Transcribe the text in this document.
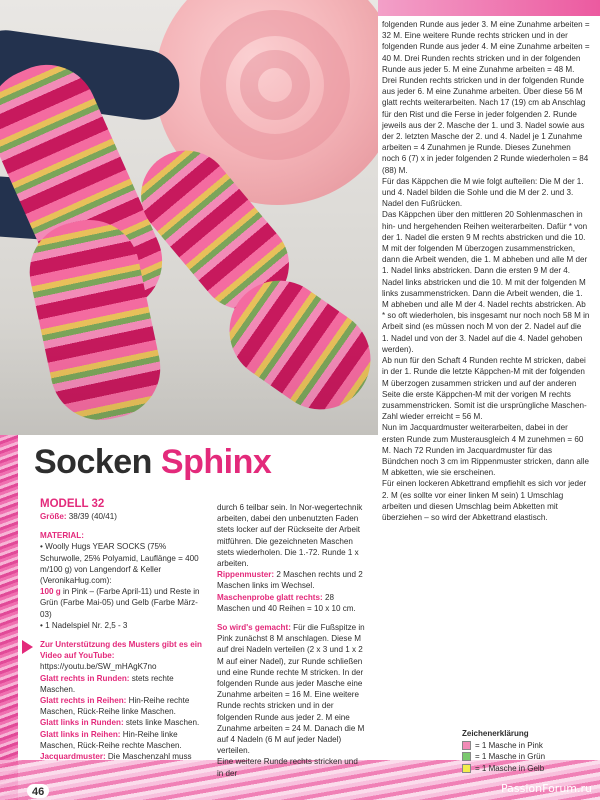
Socken Sphinx

MODELL 32

Größe: 38/39 (40/41)

MATERIAL:

• Woolly Hugs YEAR SOCKS (75% Schurwolle, 25% Polyamid, Lauflänge = 400 m/100 g) von Langendorf & Keller (VeronikaHug.com):

100 g in Pink – (Farbe April-11) und Reste in Grün (Farbe Mai-05) und Gelb (Farbe März-03)

• 1 Nadelspiel Nr. 2,5 - 3

Zur Unterstützung des Musters gibt es ein Video auf YouTube:

https://youtu.be/SW_mHAgK7no

Glatt rechts in Runden: stets rechte Maschen.

Glatt rechts in Reihen: Hin-Reihe rechte Maschen, Rück-Reihe linke Maschen.

Glatt links in Runden: stets linke Maschen.

Glatt links in Reihen: Hin-Reihe linke Maschen, Rück-Reihe rechte Maschen.

Jacquardmuster: Die Maschenzahl muss

durch 6 teilbar sein. In Nor-wegertechnik arbeiten, dabei den unbenutzten Faden stets locker auf der Rückseite der Arbeit mitführen. Die gezeichneten Maschen stets wiederholen. Die 1.-72. Runde 1 x arbeiten.

Rippenmuster: 2 Maschen rechts und 2 Maschen links im Wechsel.

Maschenprobe glatt rechts: 28 Maschen und 40 Reihen = 10 x 10 cm.

So wird's gemacht: Für die Fußspitze in Pink zunächst 8 M anschlagen. Diese M auf drei Nadeln verteilen (2 x 3 und 1 x 2 M auf einer Nadel), zur Runde schließen und eine Runde rechte M stricken. In der folgenden Runde aus jeder Masche eine Zunahme arbeiten = 16 M. Eine weitere Runde rechts stricken und in der folgenden Runde aus jeder 2. M eine Zunahme arbeiten = 24 M. Danach die M auf 4 Nadeln (6 M auf jeder Nadel) verteilen.

Eine weitere Runde rechts stricken und in der

folgenden Runde aus jeder 3. M eine Zunahme arbeiten = 32 M. Eine weitere Runde rechts stricken und in der folgenden Runde aus jeder 4. M eine Zunahme arbeiten = 40 M. Drei Runden rechts stricken und in der folgenden Runde aus jeder 5. M eine Zunahme arbeiten = 48 M. Drei Runden rechts stricken und in der folgenden Runde aus jeder 6. M eine Zunahme arbeiten. Über diese 56 M glatt rechts weiterarbeiten. Nach 17 (19) cm ab Anschlag für den Rist und die Ferse in jeder folgenden 2. Runde jeweils aus der 2. Masche der 1. und 3. Nadel sowie aus der 2. letzten Masche der 2. und 4. Nadel je 1 Zunahme arbeiten = 4 Zunahmen je Runde. Dieses Zunehmen noch 6 (7) x in jeder folgenden 2 Runde wiederholen = 84 (88) M.

Für das Käppchen die M wie folgt aufteilen: Die M der 1. und 4. Nadel bilden die Sohle und die M der 2. und 3. Nadel den Fußrücken.

Das Käppchen über den mittleren 20 Sohlenmaschen in hin- und hergehenden Reihen weiterarbeiten. Dafür * von der 1. Nadel die ersten 9 M rechts abstricken und die 10. M mit der folgenden M überzogen zusammenstricken, dann die Arbeit wenden, die 1. M abheben und alle M der 1. Nadel links abstricken. Dann die ersten 9 M der 4. Nadel links abstricken und die 10. M mit der folgenden M links zusammenstricken. Dann die Arbeit wenden, die 1. M abheben und alle M der 4. Nadel rechts abstricken. Ab * so oft wiederholen, bis insgesamt nur noch noch 58 M in Arbeit sind (es müssen noch M von der 2. Nadel auf die 1. Nadel und von der 3. Nadel auf die 4. Nadel gehoben werden).

Ab nun für den Schaft 4 Runden rechte M stricken, dabei in der 1. Runde die letzte Käppchen-M mit der folgenden M überzogen zusammen stricken und auf der anderen Seite die erste Käppchen-M mit der vorigen M rechts zusammenstricken. Somit ist die ursprüngliche Maschen-Zahl wieder erreicht = 56 M.

Nun im Jacquardmuster weiterarbeiten, dabei in der ersten Runde zum Musterausgleich 4 M zunehmen = 60 M. Nach 72 Runden im Jacquardmuster für das Bündchen noch 3 cm im Rippenmuster stricken, dann alle M abketten, wie sie erscheinen.

Für einen lockeren Abkettrand empfiehlt es sich vor jeder 2. M (es sollte vor einer linken M sein) 1 Umschlag arbeiten und diesen Umschlag beim Abketten mit überziehen – so wird der Abkettrand elastisch.

Zeichenerklärung

= 1 Masche in Pink
= 1 Masche in Grün
= 1 Masche in Gelb
46	PassionForum.ru
